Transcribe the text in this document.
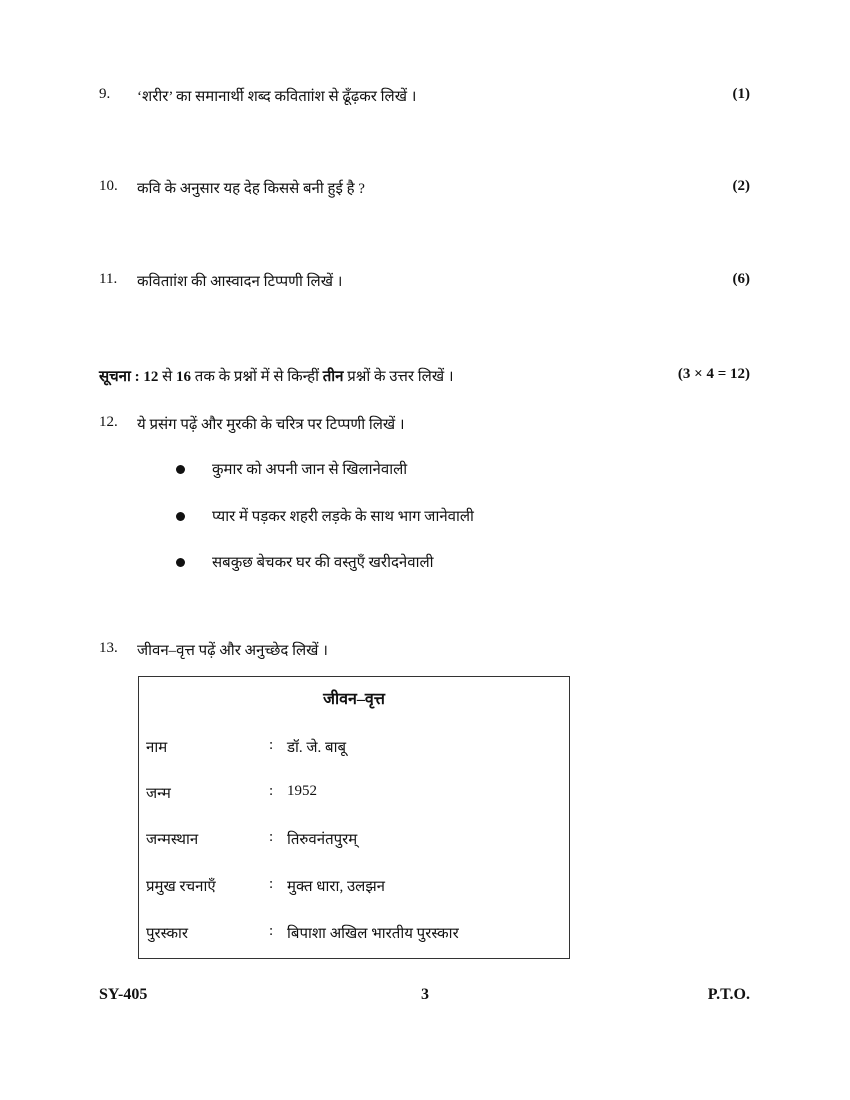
9. ‘शरीर’ का समानार्थी शब्द कविताांश से ढूँढ़कर लिखें ।	(1)
10. कवि के अनुसार यह देह किससे बनी हुई है ?	(2)
11. कविताांश की आस्वादन टिप्पणी लिखें ।	(6)
सूचना : 12 से 16 तक के प्रश्नों में से किन्हीं तीन प्रश्नों के उत्तर लिखें ।	(3 × 4 = 12)
12. ये प्रसंग पढ़ें और मुरकी के चरित्र पर टिप्पणी लिखें ।
कुमार को अपनी जान से खिलानेवाली
प्यार में पड़कर शहरी लड़के के साथ भाग जानेवाली
सबकुछ बेचकर घर की वस्तुएँ खरीदनेवाली
13. जीवन–वृत्त पढ़ें और अनुच्छेद लिखें ।
जीवन–वृत्त
नाम	: डॉ. जे. बाबू
जन्म	: 1952
जन्मस्थान	: तिरुवनंतपुरम्
प्रमुख रचनाएँ	: मुक्त धारा, उलझन
पुरस्कार	: बिपाशा अखिल भारतीय पुरस्कार
SY-405	3	P.T.O.
